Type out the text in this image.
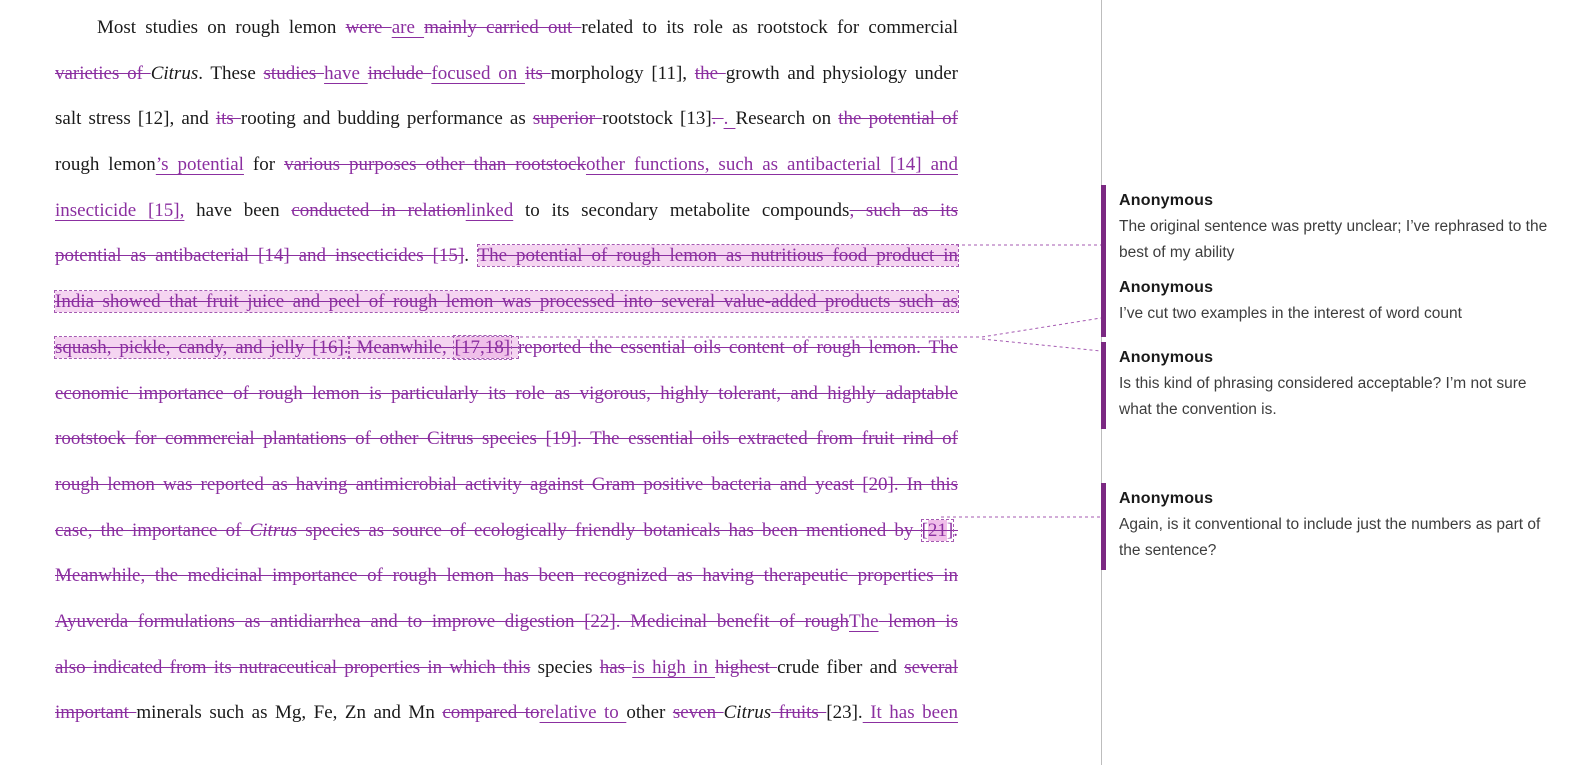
Most studies on rough lemon were are mainly carried out related to its role as rootstock for commercial
varieties of Citrus. These studies have include focused on its morphology [11], the growth and physiology under
salt stress [12], and its rooting and budding performance as superior rootstock [13]. . Research on the potential of
rough lemon’s potential for various purposes other than rootstockother functions, such as antibacterial [14] and
insecticide [15], have been conducted in relationlinked to its secondary metabolite compounds, such as its
potential as antibacterial [14] and insecticides [15]. The potential of rough lemon as nutritious food product in
India showed that fruit juice and peel of rough lemon was processed into several value-added products such as
squash, pickle, candy, and jelly [16]. Meanwhile, [17,18] reported the essential oils content of rough lemon. The
economic importance of rough lemon is particularly its role as vigorous, highly tolerant, and highly adaptable
rootstock for commercial plantations of other Citrus species [19]. The essential oils extracted from fruit rind of
rough lemon was reported as having antimicrobial activity against Gram positive bacteria and yeast [20]. In this
case, the importance of Citrus species as source of ecologically friendly botanicals has been mentioned by [21].
Meanwhile, the medicinal importance of rough lemon has been recognized as having therapeutic properties in
Ayuverda formulations as antidiarrhea and to improve digestion [22]. Medicinal benefit of roughThe lemon is
also indicated from its nutraceutical properties in which this species has is high in highest crude fiber and several
important minerals such as Mg, Fe, Zn and Mn compared torelative to other seven Citrus fruits [23]. It has been
Anonymous
The original sentence was pretty unclear; I’ve rephrased to the best of my ability
Anonymous
I’ve cut two examples in the interest of word count
Anonymous
Is this kind of phrasing considered acceptable? I’m not sure what the convention is.
Anonymous
Again, is it conventional to include just the numbers as part of the sentence?
